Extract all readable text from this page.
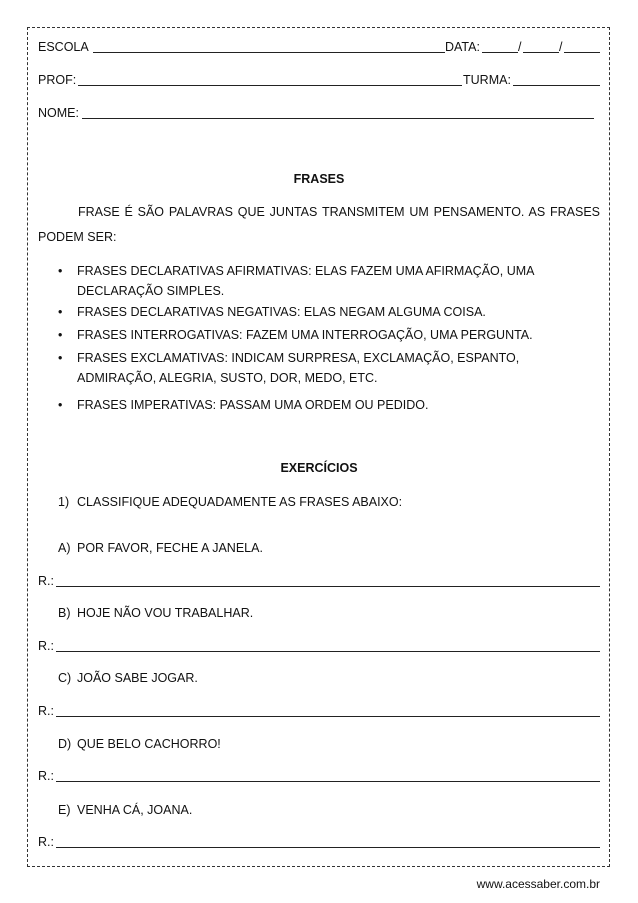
ESCOLA	DATA:	/	/
PROF:	TURMA:
NOME:
FRASES
FRASE É SÃO PALAVRAS QUE JUNTAS TRANSMITEM UM PENSAMENTO. AS FRASES PODEM SER:
•	FRASES DECLARATIVAS AFIRMATIVAS: ELAS FAZEM UMA AFIRMAÇÃO, UMA DECLARAÇÃO SIMPLES.
•	FRASES DECLARATIVAS NEGATIVAS: ELAS NEGAM ALGUMA COISA.
•	FRASES INTERROGATIVAS: FAZEM UMA INTERROGAÇÃO, UMA PERGUNTA.
•	FRASES EXCLAMATIVAS: INDICAM SURPRESA, EXCLAMAÇÃO, ESPANTO, ADMIRAÇÃO, ALEGRIA, SUSTO, DOR, MEDO, ETC.
•	FRASES IMPERATIVAS: PASSAM UMA ORDEM OU PEDIDO.
EXERCÍCIOS
1) CLASSIFIQUE ADEQUADAMENTE AS FRASES ABAIXO:
A) POR FAVOR, FECHE A JANELA.
R.:
B) HOJE NÃO VOU TRABALHAR.
R.:
C) JOÃO SABE JOGAR.
R.:
D) QUE BELO CACHORRO!
R.:
E) VENHA CÁ, JOANA.
R.:
www.acessaber.com.br
